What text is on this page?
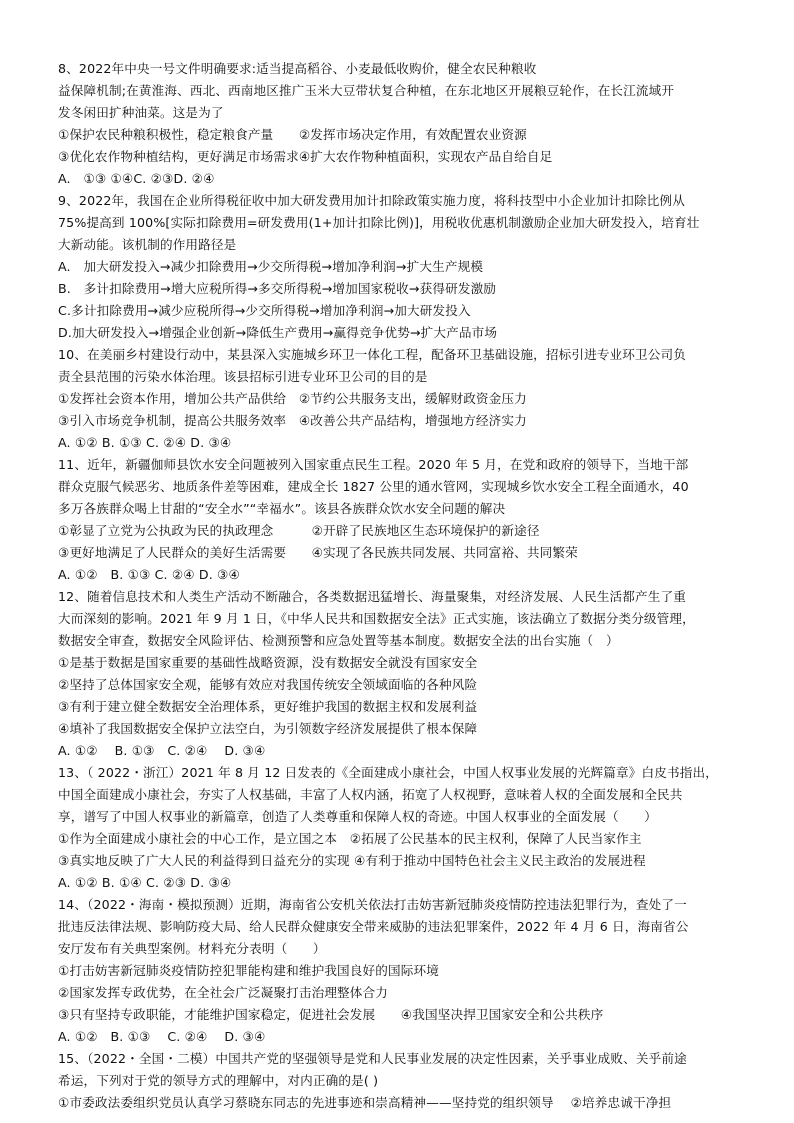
8、2022年中央一号文件明确要求:适当提高稻谷、小麦最低收购价，健全农民种粮收
益保障机制;在黄淮海、西北、西南地区推广玉米大豆带状复合种植，在东北地区开展粮豆轮作，在长江流域开
发冬闲田扩种油菜。这是为了
①保护农民种粮积极性，稳定粮食产量　　②发挥市场决定作用，有效配置农业资源
③优化农作物种植结构，更好满足市场需求④扩大农作物种植面积，实现农产品自给自足
A.　①③ ①④C. ②③D. ②④
9、2022年，我国在企业所得税征收中加大研发费用加计扣除政策实施力度，将科技型中小企业加计扣除比例从
75%提高到 100%[实际扣除费用=研发费用(1+加计扣除比例)]，用税收优惠机制激励企业加大研发投入，培育壮
大新动能。该机制的作用路径是
A.　加大研发投入→减少扣除费用→少交所得税→增加净利润→扩大生产规模
B.　多计扣除费用→增大应税所得→多交所得税→增加国家税收→获得研发激励
C.多计扣除费用→减少应税所得→少交所得税→增加净利润→加大研发投入
D.加大研发投入→增强企业创新→降低生产费用→赢得竞争优势→扩大产品市场
10、在美丽乡村建设行动中，某县深入实施城乡环卫一体化工程，配备环卫基础设施，招标引进专业环卫公司负
责全县范围的污染水体治理。该县招标引进专业环卫公司的目的是
①发挥社会资本作用，增加公共产品供给　②节约公共服务支出，缓解财政资金压力
③引入市场竞争机制，提高公共服务效率　④改善公共产品结构，增强地方经济实力
A. ①② B. ①③ C. ②④ D. ③④
11、近年，新疆伽师县饮水安全问题被列入国家重点民生工程。2020 年 5 月，在党和政府的领导下，当地干部
群众克服气候恶劣、地质条件差等困难，建成全长 1827 公里的通水管网，实现城乡饮水安全工程全面通水，40
多万各族群众喝上甘甜的“安全水”“幸福水”。该县各族群众饮水安全问题的解决
①彰显了立党为公执政为民的执政理念　　　②开辟了民族地区生态环境保护的新途径
③更好地满足了人民群众的美好生活需要　　④实现了各民族共同发展、共同富裕、共同繁荣
A. ①②　B. ①③ C. ②④ D. ③④
12、随着信息技术和人类生产活动不断融合，各类数据迅猛增长、海量聚集，对经济发展、人民生活都产生了重
大而深刻的影响。2021 年 9 月 1 日，《中华人民共和国数据安全法》正式实施，该法确立了数据分类分级管理，
数据安全审查，数据安全风险评估、检测预警和应急处置等基本制度。数据安全法的出台实施（　）
①是基于数据是国家重要的基础性战略资源，没有数据安全就没有国家安全
②坚持了总体国家安全观，能够有效应对我国传统安全领域面临的各种风险
③有利于建立健全数据安全治理体系，更好维护我国的数据主权和发展利益
④填补了我国数据安全保护立法空白，为引领数字经济发展提供了根本保障
A. ①②　 B. ①③　C. ②④　 D. ③④
13、（ 2022・浙江）2021 年 8 月 12 日发表的《全面建成小康社会，中国人权事业发展的光辉篇章》白皮书指出，
中国全面建成小康社会，夯实了人权基础，丰富了人权内涵，拓宽了人权视野，意味着人权的全面发展和全民共
享，谱写了中国人权事业的新篇章，创造了人类尊重和保障人权的奇迹。中国人权事业的全面发展（　　）
①作为全面建成小康社会的中心工作，是立国之本　②拓展了公民基本的民主权利，保障了人民当家作主
③真实地反映了广大人民的利益得到日益充分的实现 ④有利于推动中国特色社会主义民主政治的发展进程
A. ①② B. ①④ C. ②③ D. ③④
14、（2022・海南・模拟预测）近期，海南省公安机关依法打击妨害新冠肺炎疫情防控违法犯罪行为，查处了一
批违反法律法规、影响防疫大局、给人民群众健康安全带来威胁的违法犯罪案件，2022 年 4 月 6 日，海南省公
安厅发布有关典型案例。材料充分表明（　　）
①打击妨害新冠肺炎疫情防控犯罪能构建和维护我国良好的国际环境
②国家发挥专政优势，在全社会广泛凝聚打击治理整体合力
③只有坚持专政职能，才能维护国家稳定，促进社会发展　　④我国坚决捍卫国家安全和公共秩序
A. ①②　B. ①③　 C. ②④　 D. ③④
15、（2022・全国・二模）中国共产党的坚强领导是党和人民事业发展的决定性因素，关乎事业成败、关乎前途
希运，下列对于党的领导方式的理解中，对内正确的是( )
①市委政法委组织党员认真学习蔡晓东同志的先进事迹和崇高精神——坚持党的组织领导　 ②培养忠诚干净担
